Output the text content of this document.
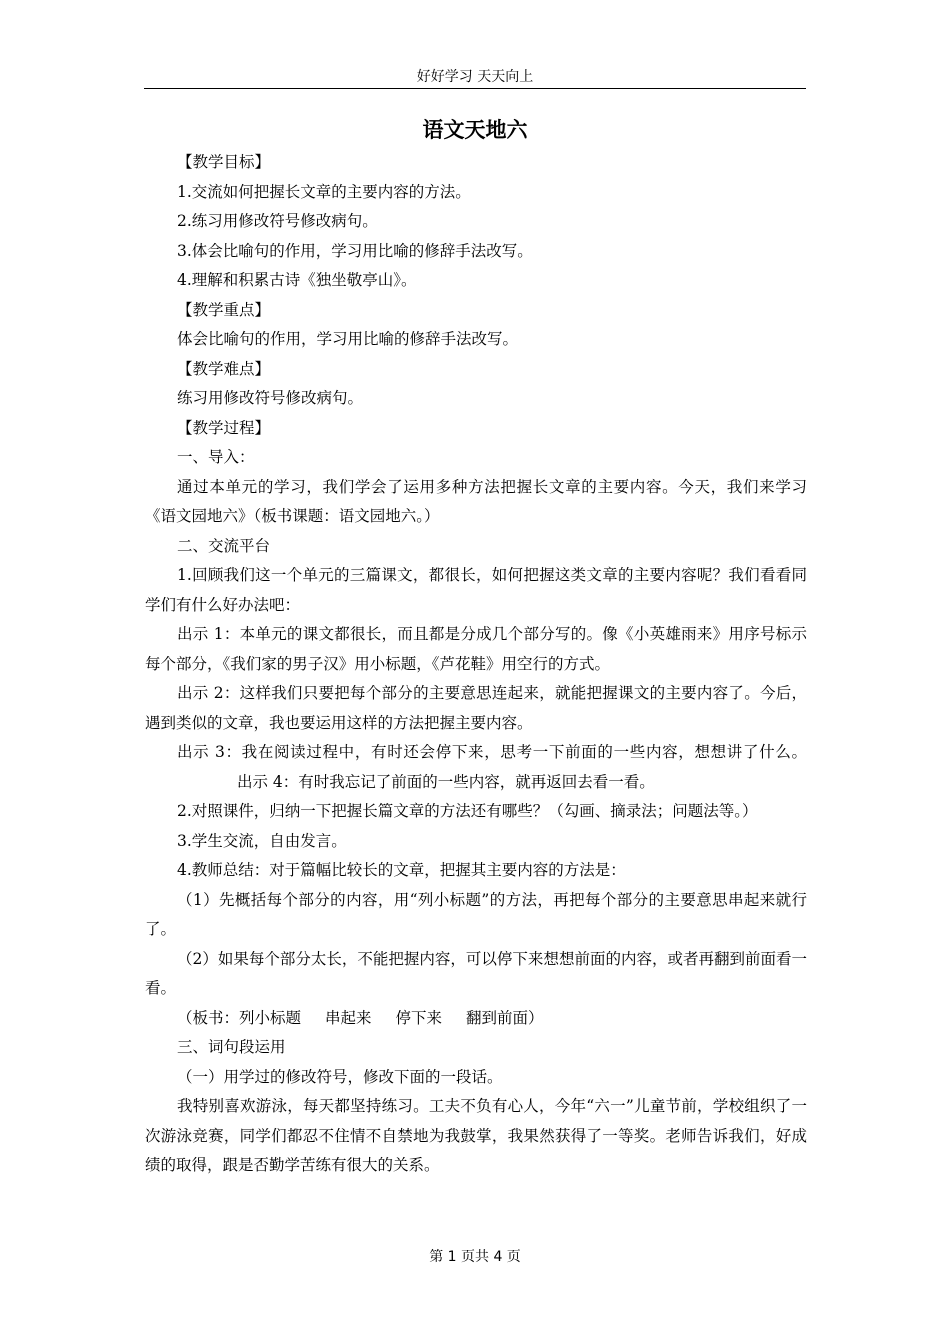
好好学习 天天向上
语文天地六

【教学目标】

1.交流如何把握长文章的主要内容的方法。

2.练习用修改符号修改病句。

3.体会比喻句的作用，学习用比喻的修辞手法改写。

4.理解和积累古诗《独坐敬亭山》。

【教学重点】

体会比喻句的作用，学习用比喻的修辞手法改写。

【教学难点】

练习用修改符号修改病句。

【教学过程】

一、导入：

通过本单元的学习，我们学会了运用多种方法把握长文章的主要内容。今天，我们来学习《语文园地六》（板书课题：语文园地六。）

二、交流平台

1.回顾我们这一个单元的三篇课文，都很长，如何把握这类文章的主要内容呢？我们看看同学们有什么好办法吧：

出示 1：本单元的课文都很长，而且都是分成几个部分写的。像《小英雄雨来》用序号标示每个部分，《我们家的男子汉》用小标题，《芦花鞋》用空行的方式。

出示 2：这样我们只要把每个部分的主要意思连起来，就能把握课文的主要内容了。今后，遇到类似的文章，我也要运用这样的方法把握主要内容。

出示 3：我在阅读过程中，有时还会停下来，思考一下前面的一些内容，想想讲了什么。出示 4：有时我忘记了前面的一些内容，就再返回去看一看。

2.对照课件，归纳一下把握长篇文章的方法还有哪些？（勾画、摘录法；问题法等。）

3.学生交流，自由发言。

4.教师总结：对于篇幅比较长的文章，把握其主要内容的方法是：

（1）先概括每个部分的内容，用“列小标题”的方法，再把每个部分的主要意思串起来就行了。

（2）如果每个部分太长，不能把握内容，可以停下来想想前面的内容，或者再翻到前面看一看。

（板书：列小标题 串起来 停下来 翻到前面）

三、词句段运用

（一）用学过的修改符号，修改下面的一段话。

我特别喜欢游泳，每天都坚持练习。工夫不负有心人，今年“六一”儿童节前，学校组织了一次游泳竞赛，同学们都忍不住情不自禁地为我鼓掌，我果然获得了一等奖。老师告诉我们，好成绩的取得，跟是否勤学苦练有很大的关系。

第 1 页共 4 页
